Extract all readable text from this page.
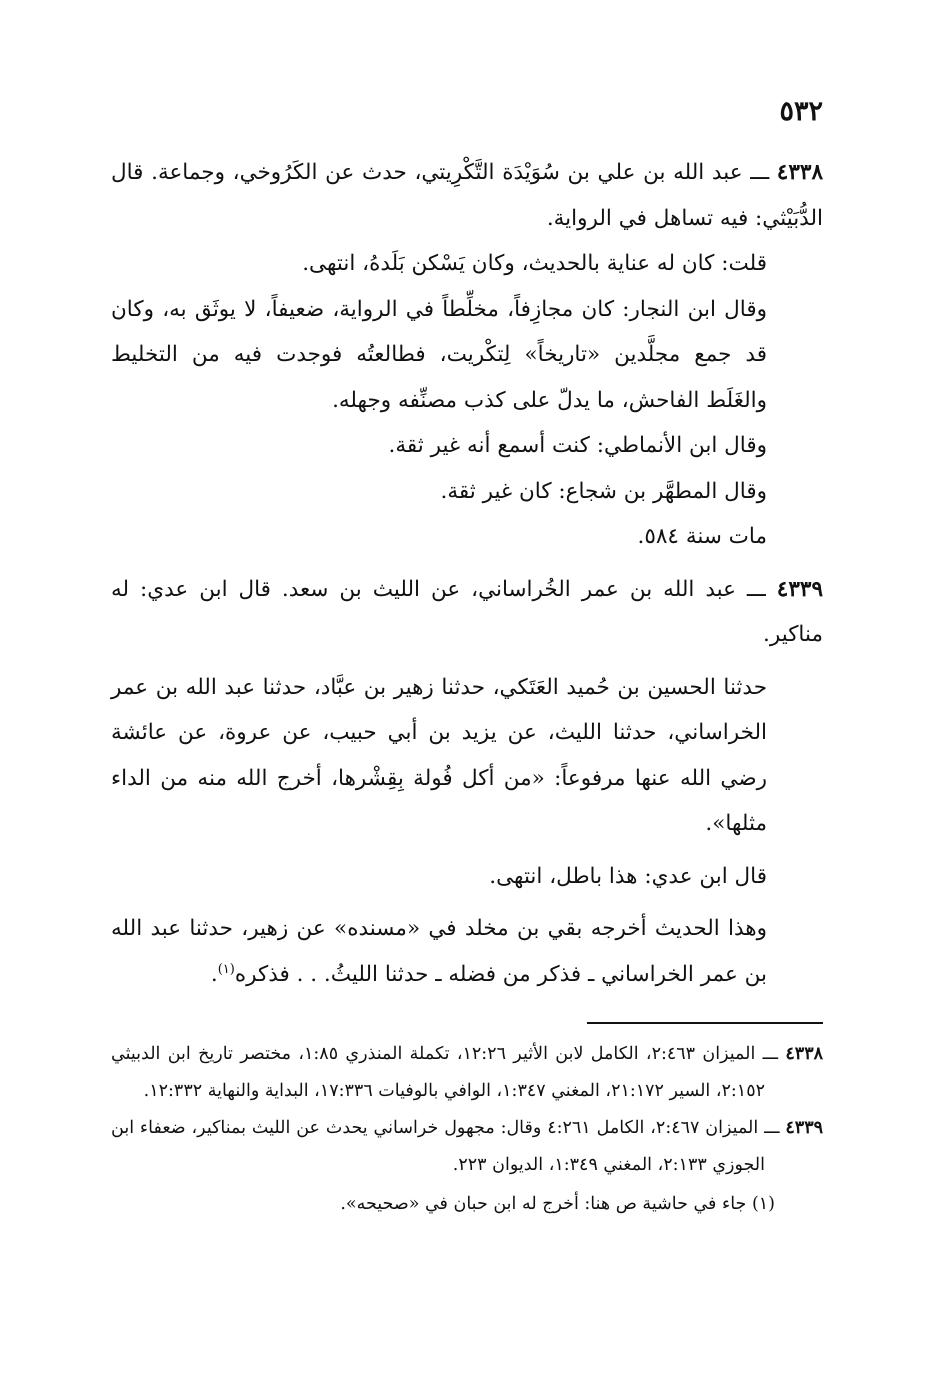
٥٣٢

٤٣٣٨ ـــ عبد الله بن علي بن سُوَيْدَة التَّكْرِيتي، حدث عن الكَرُوخي، وجماعة. قال الدُّبَيْثي: فيه تساهل في الرواية.

قلت: كان له عناية بالحديث، وكان يَسْكن بَلَدهُ، انتهى.

وقال ابن النجار: كان مجازِفاً، مخلِّطاً في الرواية، ضعيفاً، لا يوثَق به، وكان قد جمع مجلَّدين «تاريخاً» لِتكْريت، فطالعتُه فوجدت فيه من التخليط والغَلَط الفاحش، ما يدلّ على كذب مصنِّفه وجهله.

وقال ابن الأنماطي: كنت أسمع أنه غير ثقة.

وقال المطهَّر بن شجاع: كان غير ثقة.

مات سنة ٥٨٤.

٤٣٣٩ ـــ عبد الله بن عمر الخُراساني، عن الليث بن سعد. قال ابن عدي: له مناكير.

حدثنا الحسين بن حُميد العَتَكي، حدثنا زهير بن عبَّاد، حدثنا عبد الله بن عمر الخراساني، حدثنا الليث، عن يزيد بن أبي حبيب، عن عروة، عن عائشة رضي الله عنها مرفوعاً: «من أكل فُولة بِقِشْرها، أخرج الله منه من الداء مثلها».

قال ابن عدي: هذا باطل، انتهى.

وهذا الحديث أخرجه بقي بن مخلد في «مسنده» عن زهير، حدثنا عبد الله بن عمر الخراساني ـ فذكر من فضله ـ حدثنا الليثُ. . . فذكره$^{(١)}$.

٤٣٣٨ ـــ الميزان ٢:٤٦٣، الكامل لابن الأثير ١٢:٢٦، تكملة المنذري ١:٨٥، مختصر تاريخ ابن الدبيثي ٢:١٥٢، السير ٢١:١٧٢، المغني ١:٣٤٧، الوافي بالوفيات ١٧:٣٣٦، البداية والنهاية ١٢:٣٣٢.

٤٣٣٩ ـــ الميزان ٢:٤٦٧، الكامل ٤:٢٦١ وقال: مجهول خراساني يحدث عن الليث بمناكير، ضعفاء ابن الجوزي ٢:١٣٣، المغني ١:٣٤٩، الديوان ٢٢٣.

(١) جاء في حاشية ص هنا: أخرج له ابن حبان في «صحيحه».
